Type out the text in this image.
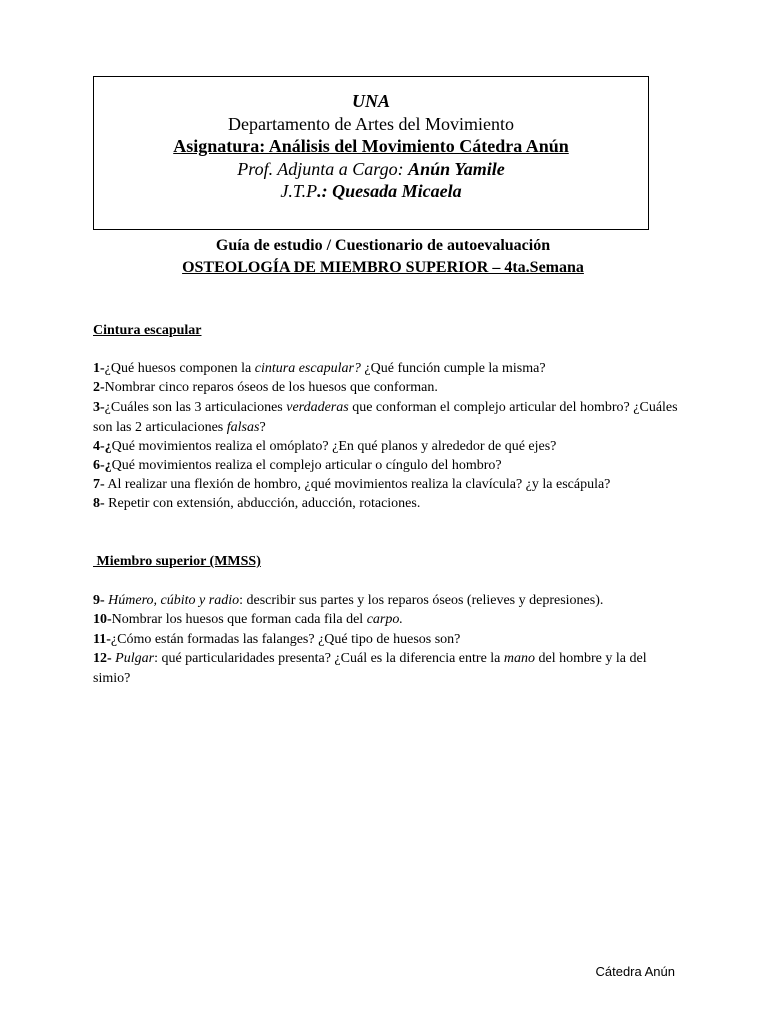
UNA
Departamento de Artes del Movimiento
Asignatura: Análisis del Movimiento Cátedra Anún
Prof. Adjunta a Cargo: Anún Yamile
J.T.P.: Quesada Micaela
Guía de estudio / Cuestionario de autoevaluación
OSTEOLOGÍA DE MIEMBRO SUPERIOR – 4ta.Semana
Cintura escapular
1-¿Qué huesos componen la cintura escapular? ¿Qué función cumple la misma?
2-Nombrar cinco reparos óseos de los huesos que conforman.
3-¿Cuáles son las 3 articulaciones verdaderas que conforman el complejo articular del hombro? ¿Cuáles son las 2 articulaciones falsas?
4-¿Qué movimientos realiza el omóplato? ¿En qué planos y alrededor de qué ejes?
6-¿Qué movimientos realiza el complejo articular o cíngulo del hombro?
7- Al realizar una flexión de hombro, ¿qué movimientos realiza la clavícula? ¿y la escápula?
8- Repetir con extensión, abducción, aducción, rotaciones.
Miembro superior (MMSS)
9- Húmero, cúbito y radio: describir sus partes y los reparos óseos (relieves y depresiones).
10-Nombrar los huesos que forman cada fila del carpo.
11-¿Cómo están formadas las falanges? ¿Qué tipo de huesos son?
12- Pulgar: qué particularidades presenta? ¿Cuál es la diferencia entre la mano del hombre y la del simio?
Cátedra Anún
